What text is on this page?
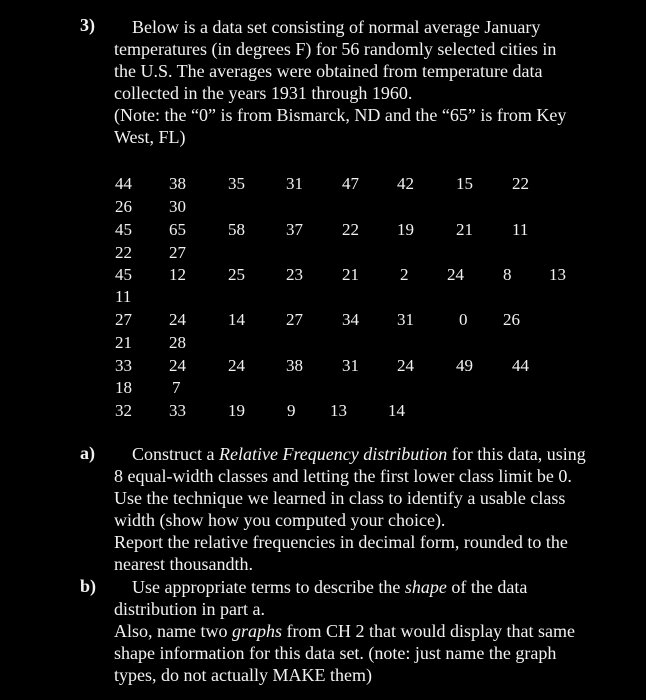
3) Below is a data set consisting of normal average January
temperatures (in degrees F) for 56 randomly selected cities in
the U.S. The averages were obtained from temperature data
collected in the years 1931 through 1960.
(Note: the “0” is from Bismarck, ND and the “65” is from Key
West, FL)
44 38 35 31 47 42 15 22
26 30
45 65 58 37 22 19 21 11
22 27
45 12 25 23 21 2 24 8 13
11
27 24 14 27 34 31	0 26
21 28
33 24 24 38 31 24 49 44
18 7
32 33 19 9 13 14
a) Construct a Relative Frequency distribution for this data, using
8 equal-width classes and letting the first lower class limit be 0.
Use the technique we learned in class to identify a usable class
width (show how you computed your choice).
Report the relative frequencies in decimal form, rounded to the
nearest thousandth.
b) Use appropriate terms to describe the shape of the data
distribution in part a.
Also, name two graphs from CH 2 that would display that same
shape information for this data set. (note: just name the graph
types, do not actually MAKE them)
